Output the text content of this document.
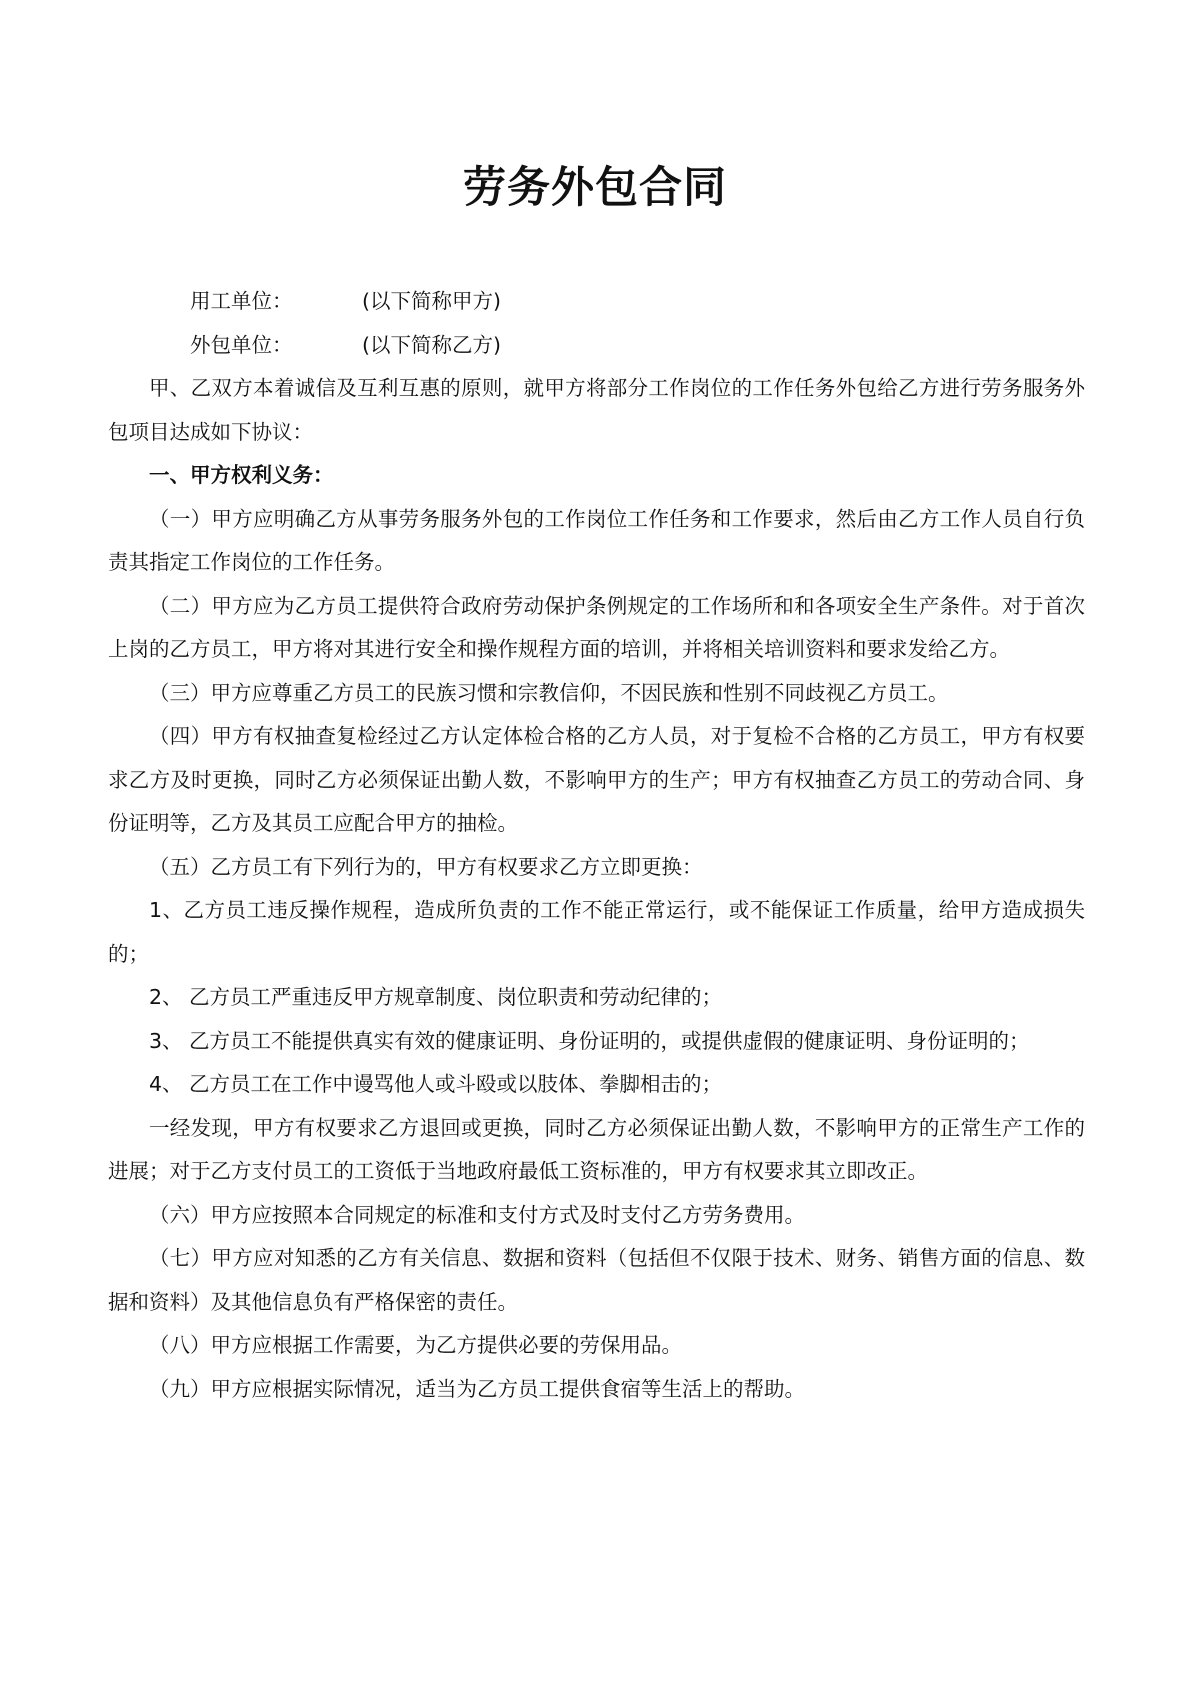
劳务外包合同
用工单位：	(以下简称甲方)
外包单位：	(以下简称乙方)

甲、乙双方本着诚信及互利互惠的原则，就甲方将部分工作岗位的工作任务外包给乙方进行劳务服务外包项目达成如下协议：

一、甲方权利义务：

（一）甲方应明确乙方从事劳务服务外包的工作岗位工作任务和工作要求，然后由乙方工作人员自行负责其指定工作岗位的工作任务。

（二）甲方应为乙方员工提供符合政府劳动保护条例规定的工作场所和和各项安全生产条件。对于首次上岗的乙方员工，甲方将对其进行安全和操作规程方面的培训，并将相关培训资料和要求发给乙方。

（三）甲方应尊重乙方员工的民族习惯和宗教信仰，不因民族和性别不同歧视乙方员工。

（四）甲方有权抽查复检经过乙方认定体检合格的乙方人员，对于复检不合格的乙方员工，甲方有权要求乙方及时更换，同时乙方必须保证出勤人数，不影响甲方的生产；甲方有权抽查乙方员工的劳动合同、身份证明等，乙方及其员工应配合甲方的抽检。

（五）乙方员工有下列行为的，甲方有权要求乙方立即更换：

1、乙方员工违反操作规程，造成所负责的工作不能正常运行，或不能保证工作质量，给甲方造成损失的；

2、 乙方员工严重违反甲方规章制度、岗位职责和劳动纪律的；

3、 乙方员工不能提供真实有效的健康证明、身份证明的，或提供虚假的健康证明、身份证明的；

4、 乙方员工在工作中谩骂他人或斗殴或以肢体、拳脚相击的；

一经发现，甲方有权要求乙方退回或更换，同时乙方必须保证出勤人数，不影响甲方的正常生产工作的进展；对于乙方支付员工的工资低于当地政府最低工资标准的，甲方有权要求其立即改正。

（六）甲方应按照本合同规定的标准和支付方式及时支付乙方劳务费用。

（七）甲方应对知悉的乙方有关信息、数据和资料（包括但不仅限于技术、财务、销售方面的信息、数据和资料）及其他信息负有严格保密的责任。

（八）甲方应根据工作需要，为乙方提供必要的劳保用品。

（九）甲方应根据实际情况，适当为乙方员工提供食宿等生活上的帮助。
